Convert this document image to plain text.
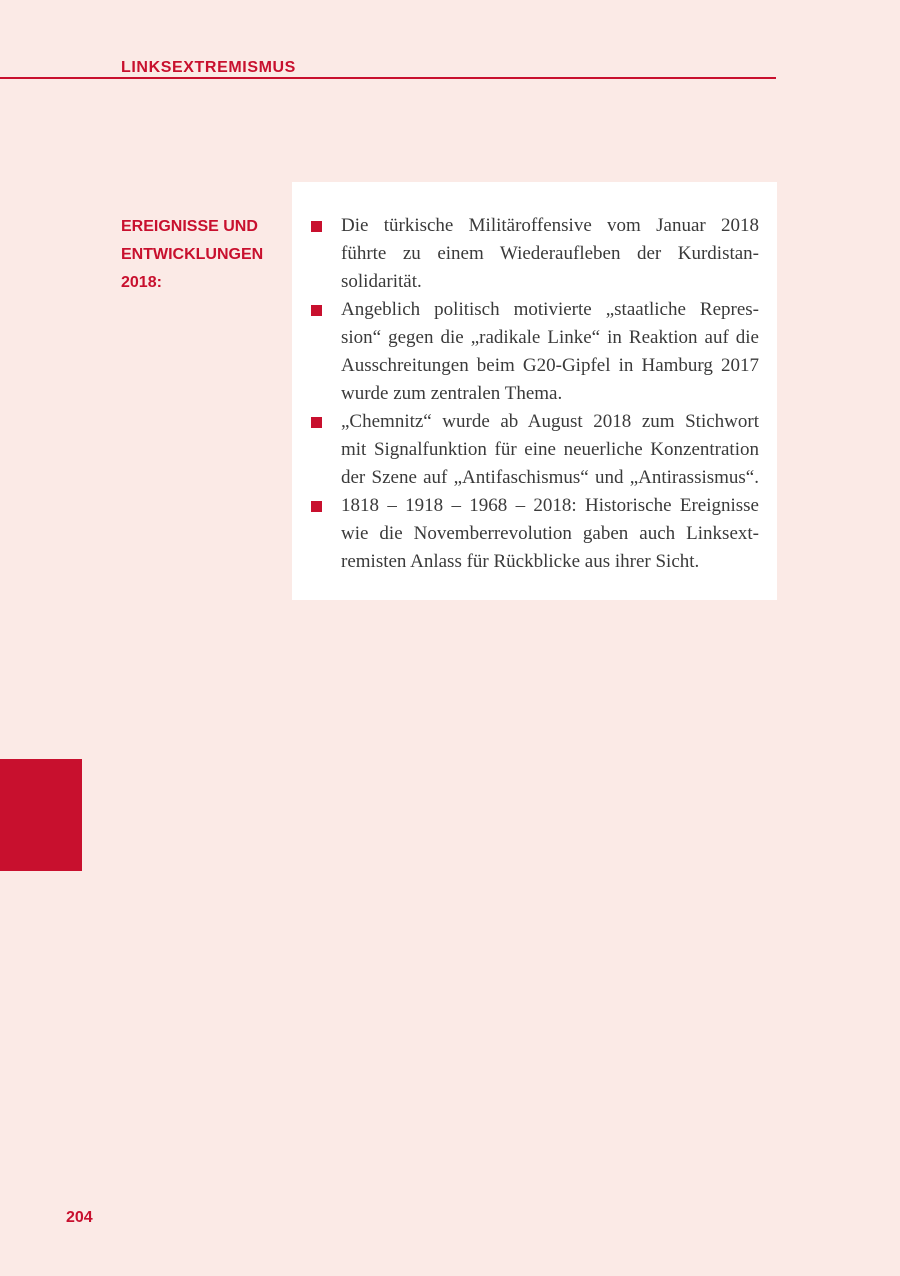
LINKSEXTREMISMUS
EREIGNISSE UND
ENTWICKLUNGEN
2018:
Die türkische Militäroffensive vom Januar 2018
führte zu einem Wiederaufleben der Kurdistan-
solidarität.
Angeblich politisch motivierte „staatliche Repres-
sion“ gegen die „radikale Linke“ in Reaktion auf die
Ausschreitungen beim G20-Gipfel in Hamburg 2017
wurde zum zentralen Thema.
„Chemnitz“ wurde ab August 2018 zum Stichwort
mit Signalfunktion für eine neuerliche Konzentration
der Szene auf „Antifaschismus“ und „Antirassismus“.
1818 – 1918 – 1968 – 2018: Historische Ereignisse
wie die Novemberrevolution gaben auch Linksext-
remisten Anlass für Rückblicke aus ihrer Sicht.
204
